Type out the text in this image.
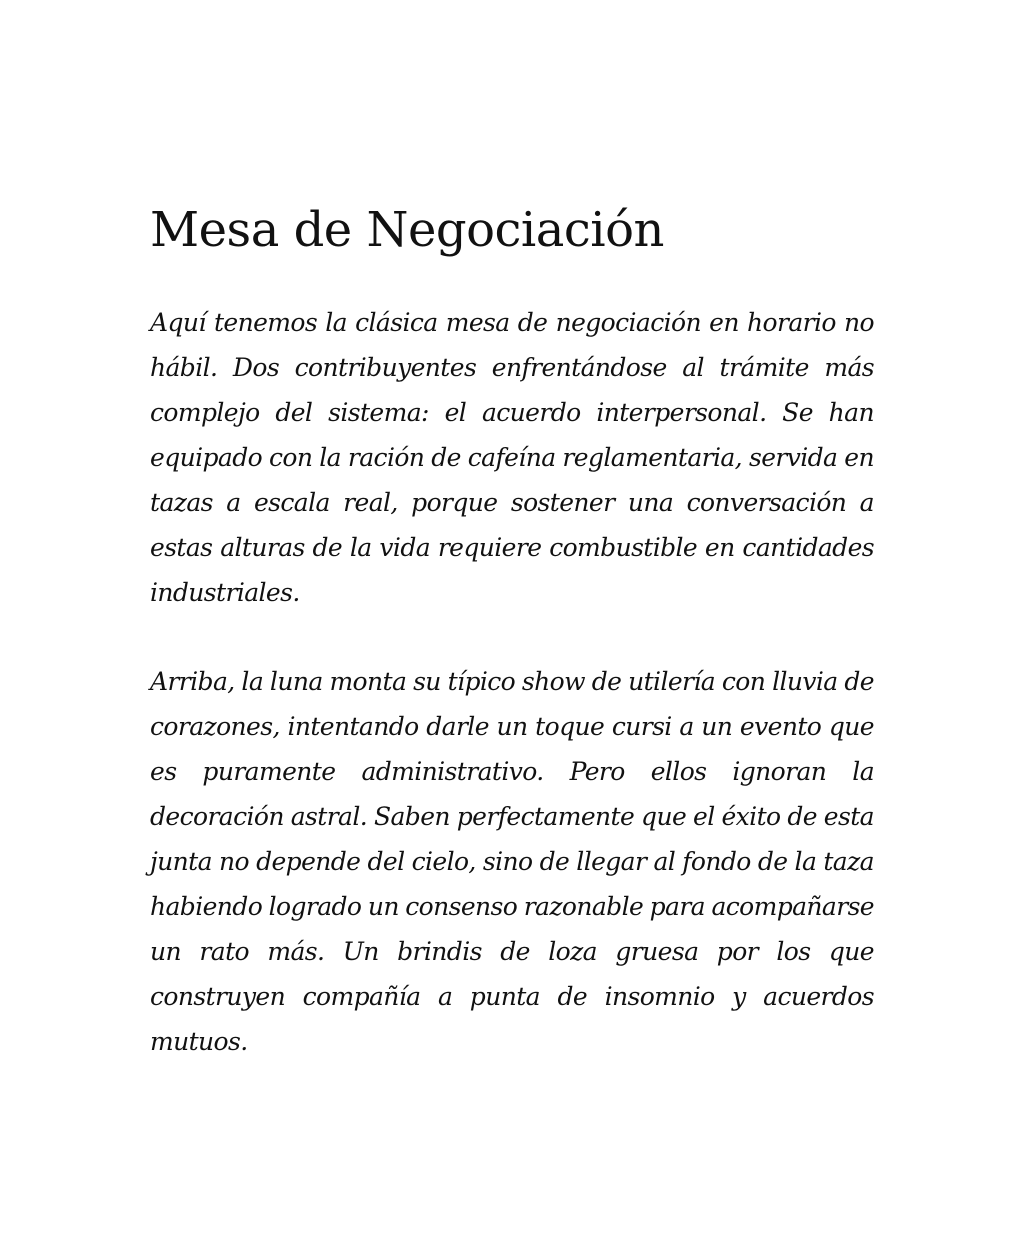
Mesa de Negociación

Aquí tenemos la clásica mesa de negociación en horario no hábil. Dos contribuyentes enfrentándose al trámite más complejo del sistema: el acuerdo interpersonal. Se han equipado con la ración de cafeína reglamentaria, servida en tazas a escala real, porque sostener una conversación a estas alturas de la vida requiere combustible en cantidades industriales.

Arriba, la luna monta su típico show de utilería con lluvia de corazones, intentando darle un toque cursi a un evento que es puramente administrativo. Pero ellos ignoran la decoración astral. Saben perfectamente que el éxito de esta junta no depende del cielo, sino de llegar al fondo de la taza habiendo logrado un consenso razonable para acompañarse un rato más. Un brindis de loza gruesa por los que construyen compañía a punta de insomnio y acuerdos mutuos.
